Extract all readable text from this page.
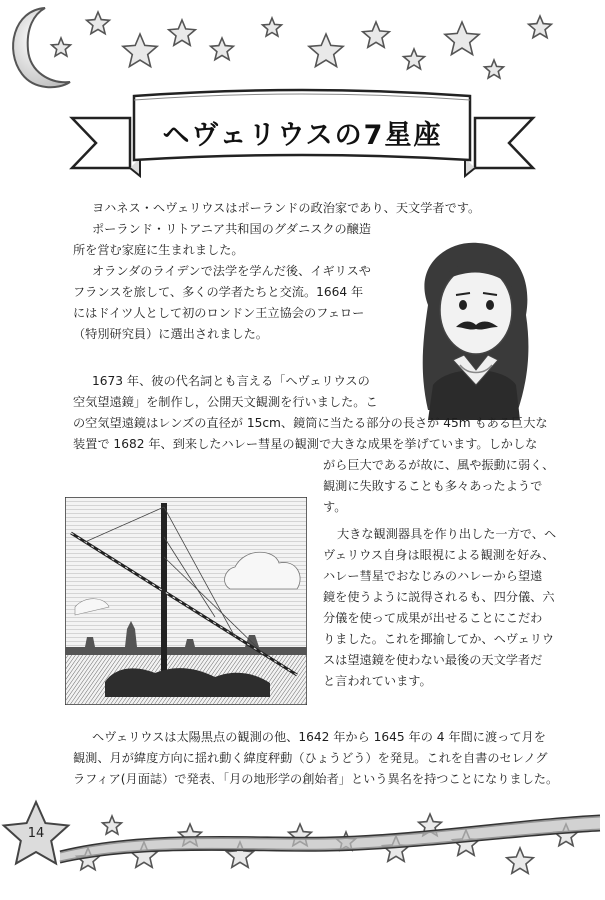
ヘヴェリウスの7星座
ヨハネス・ヘヴェリウスはポーランドの政治家であり、天文学者です。
ポーランド・リトアニア共和国のグダニスクの醸造
所を営む家庭に生まれました。
オランダのライデンで法学を学んだ後、イギリスや
フランスを旅して、多くの学者たちと交流。1664 年
にはドイツ人として初のロンドン王立協会のフェロー
（特別研究員）に選出されました。
1673 年、彼の代名詞とも言える「ヘヴェリウスの
空気望遠鏡」を制作し，公開天文観測を行いました。こ
の空気望遠鏡はレンズの直径が 15cm、鏡筒に当たる部分の長さが 45m もある巨大な
装置で 1682 年、到来したハレー彗星の観測で大きな成果を挙げています。しかしな
がら巨大であるが故に、風や振動に弱く、
観測に失敗することも多々あったようで
す。
大きな観測器具を作り出した一方で、ヘ
ヴェリウス自身は眼視による観測を好み、
ハレー彗星でおなじみのハレーから望遠
鏡を使うように説得されるも、四分儀、六
分儀を使って成果が出せることにこだわ
りました。これを揶揄してか、ヘヴェリウ
スは望遠鏡を使わない最後の天文学者だ
と言われています。
ヘヴェリウスは太陽黒点の観測の他、1642 年から 1645 年の 4 年間に渡って月を
観測、月が緯度方向に揺れ動く緯度秤動（ひょうどう）を発見。これを自書のセレノグ
ラフィア(月面誌）で発表､「月の地形学の創始者」という異名を持つことになりました。
14
